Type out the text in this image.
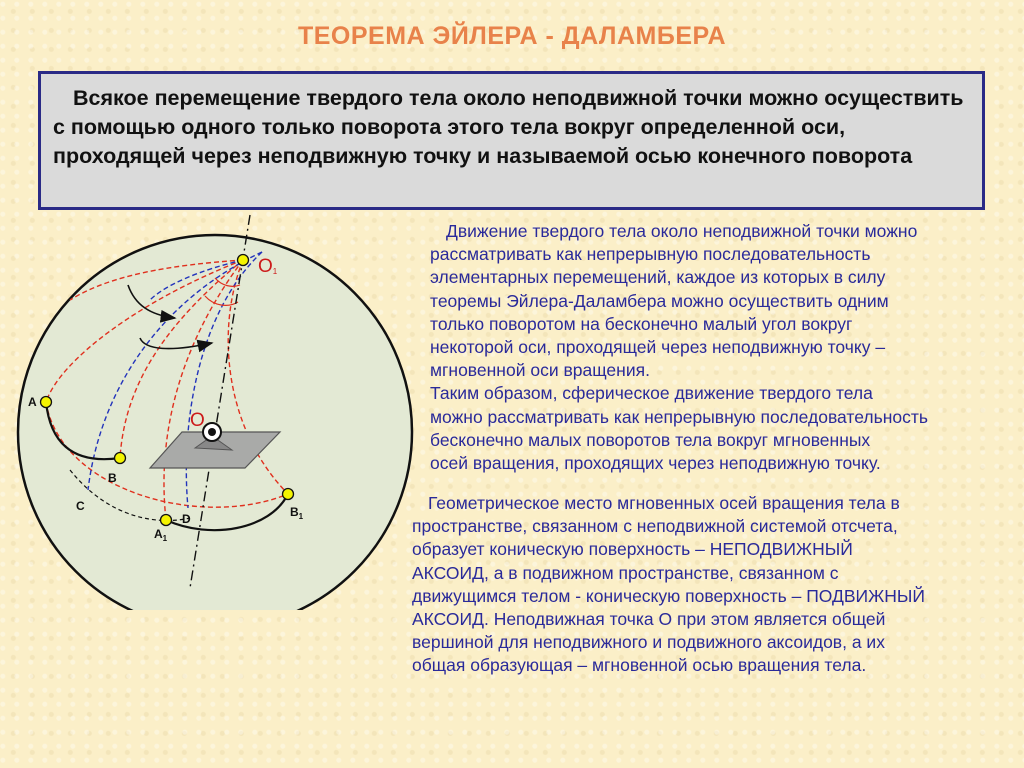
ТЕОРЕМА ЭЙЛЕРА - ДАЛАМБЕРА
Всякое перемещение твердого тела около неподвижной точки можно осуществить с помощью одного только поворота этого тела вокруг определенной оси, проходящей через неподвижную точку и называемой осью конечного поворота
O1
O
A
B
C
D
$A_1$
$B_1$
Движение твердого тела около неподвижной точки можно
рассматривать как непрерывную последовательность
элементарных перемещений, каждое из которых в силу
теоремы Эйлера-Даламбера можно осуществить одним
только поворотом на бесконечно малый угол вокруг
некоторой оси, проходящей через неподвижную точку –
мгновенной оси вращения.
Таким образом, сферическое движение твердого тела
можно рассматривать как непрерывную последовательность
бесконечно малых поворотов тела вокруг мгновенных
осей вращения, проходящих через неподвижную точку.
Геометрическое место мгновенных осей вращения тела в
пространстве, связанном с неподвижной системой отсчета,
образует коническую поверхность – НЕПОДВИЖНЫЙ
АКСОИД, а в подвижном пространстве, связанном с
движущимся телом - коническую поверхность – ПОДВИЖНЫЙ
АКСОИД. Неподвижная точка О при этом является общей
вершиной для неподвижного и подвижного аксоидов, а их
общая образующая – мгновенной осью вращения тела.
